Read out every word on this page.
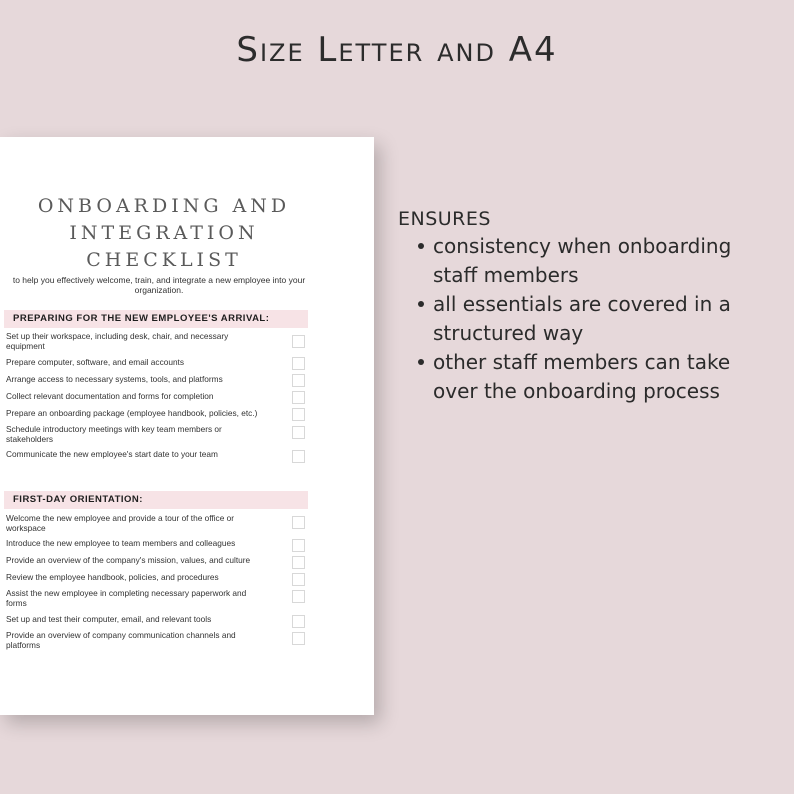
Size Letter and A4
ONBOARDING AND
INTEGRATION
CHECKLIST
to help you effectively welcome, train, and integrate a new employee into your organization.
PREPARING FOR THE NEW EMPLOYEE'S ARRIVAL:
Set up their workspace, including desk, chair, and necessary equipment
Prepare computer, software, and email accounts
Arrange access to necessary systems, tools, and platforms
Collect relevant documentation and forms for completion
Prepare an onboarding package (employee handbook, policies, etc.)
Schedule introductory meetings with key team members or stakeholders
Communicate the new employee's start date to your team
FIRST-DAY ORIENTATION:
Welcome the new employee and provide a tour of the office or workspace
Introduce the new employee to team members and colleagues
Provide an overview of the company's mission, values, and culture
Review the employee handbook, policies, and procedures
Assist the new employee in completing necessary paperwork and forms
Set up and test their computer, email, and relevant tools
Provide an overview of company communication channels and platforms
ENSURES
consistency when onboarding
staff members
all essentials are covered in a
structured way
other staff members can take
over the onboarding process
